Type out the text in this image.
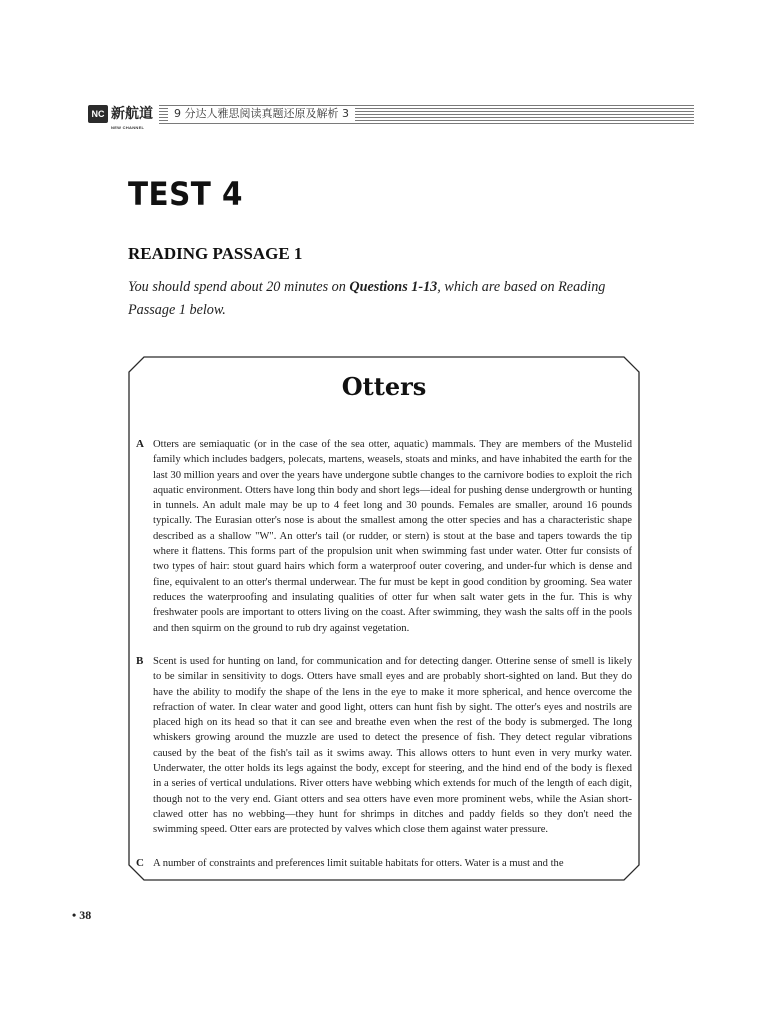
NC 新航道
NEW CHANNEL
9 分达人雅思阅读真题还原及解析 3
TEST 4
READING PASSAGE 1

You should spend about 20 minutes on Questions 1-13, which are based on Reading Passage 1 below.

Otters
A Otters are semiaquatic (or in the case of the sea otter, aquatic) mammals. They are members of the Mustelid family which includes badgers, polecats, martens, weasels, stoats and minks, and have inhabited the earth for the last 30 million years and over the years have undergone subtle changes to the carnivore bodies to exploit the rich aquatic environment. Otters have long thin body and short legs—ideal for pushing dense undergrowth or hunting in tunnels. An adult male may be up to 4 feet long and 30 pounds. Females are smaller, around 16 pounds typically. The Eurasian otter's nose is about the smallest among the otter species and has a characteristic shape described as a shallow "W". An otter's tail (or rudder, or stern) is stout at the base and tapers towards the tip where it flattens. This forms part of the propulsion unit when swimming fast under water. Otter fur consists of two types of hair: stout guard hairs which form a waterproof outer covering, and under-fur which is dense and fine, equivalent to an otter's thermal underwear. The fur must be kept in good condition by grooming. Sea water reduces the waterproofing and insulating qualities of otter fur when salt water gets in the fur. This is why freshwater pools are important to otters living on the coast. After swimming, they wash the salts off in the pools and then squirm on the ground to rub dry against vegetation.
B Scent is used for hunting on land, for communication and for detecting danger. Otterine sense of smell is likely to be similar in sensitivity to dogs. Otters have small eyes and are probably short-sighted on land. But they do have the ability to modify the shape of the lens in the eye to make it more spherical, and hence overcome the refraction of water. In clear water and good light, otters can hunt fish by sight. The otter's eyes and nostrils are placed high on its head so that it can see and breathe even when the rest of the body is submerged. The long whiskers growing around the muzzle are used to detect the presence of fish. They detect regular vibrations caused by the beat of the fish's tail as it swims away. This allows otters to hunt even in very murky water. Underwater, the otter holds its legs against the body, except for steering, and the hind end of the body is flexed in a series of vertical undulations. River otters have webbing which extends for much of the length of each digit, though not to the very end. Giant otters and sea otters have even more prominent webs, while the Asian short-clawed otter has no webbing—they hunt for shrimps in ditches and paddy fields so they don't need the swimming speed. Otter ears are protected by valves which close them against water pressure.
C A number of constraints and preferences limit suitable habitats for otters. Water is a must and the
• 38
